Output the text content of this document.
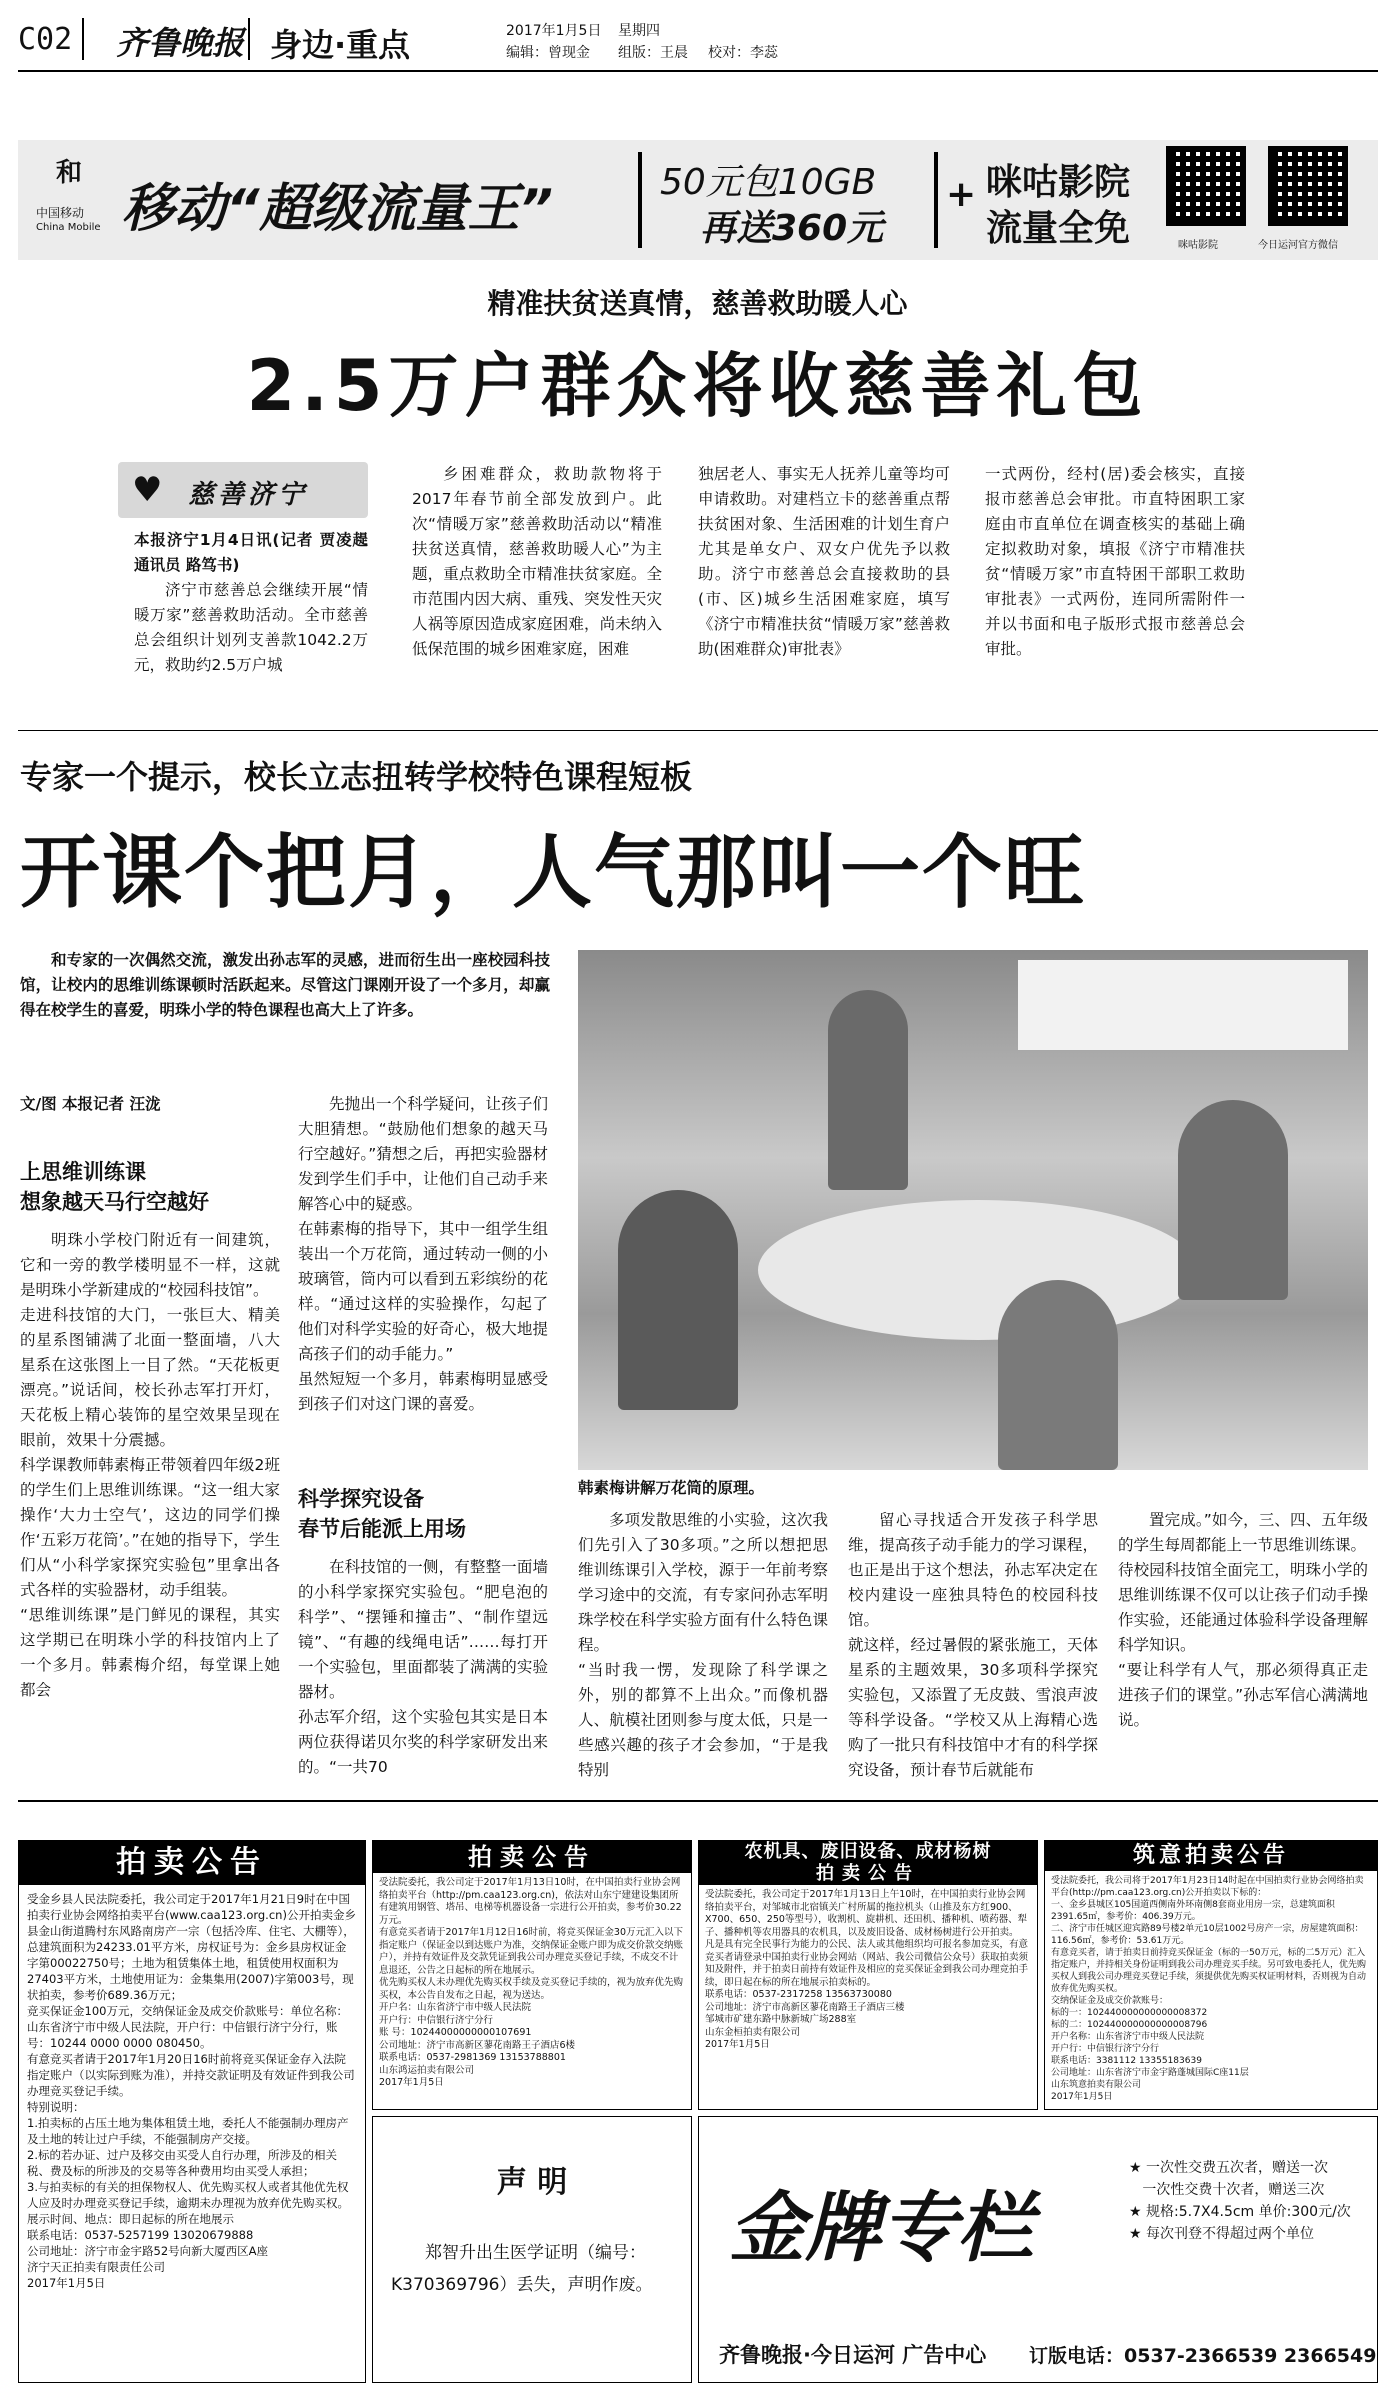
C02 齐鲁晚报 身边·重点	2017年1月5日 星期四
编辑：曾现金 组版：王晨 校对：李蕊
和
中国移动
China Mobile 移动“超级流量王”	50元包10GB
再送360元
+ 咪咕影院
流量全免	咪咕影院	今日运河官方微信
精准扶贫送真情，慈善救助暖人心
2.5万户群众将收慈善礼包
♥ 慈善济宁
本报济宁1月4日讯(记者 贾凌趧 通讯员 路笃书)
济宁市慈善总会继续开展“情暖万家”慈善救助活动。全市慈善总会组织计划列支善款1042.2万元，救助约2.5万户城
乡困难群众，救助款物将于2017年春节前全部发放到户。此次“情暖万家”慈善救助活动以“精准扶贫送真情，慈善救助暖人心”为主题，重点救助全市精准扶贫家庭。全市范围内因大病、重残、突发性天灾人祸等原因造成家庭困难，尚未纳入低保范围的城乡困难家庭，困难
独居老人、事实无人抚养儿童等均可申请救助。对建档立卡的慈善重点帮扶贫困对象、生活困难的计划生育户尤其是单女户、双女户优先予以救助。济宁市慈善总会直接救助的县(市、区)城乡生活困难家庭，填写《济宁市精准扶贫“情暖万家”慈善救助(困难群众)审批表》
一式两份，经村(居)委会核实，直接报市慈善总会审批。市直特困职工家庭由市直单位在调查核实的基础上确定拟救助对象，填报《济宁市精准扶贫“情暖万家”市直特困干部职工救助审批表》一式两份，连同所需附件一并以书面和电子版形式报市慈善总会审批。
专家一个提示，校长立志扭转学校特色课程短板
开课个把月，人气那叫一个旺
和专家的一次偶然交流，激发出孙志军的灵感，进而衍生出一座校园科技馆，让校内的思维训练课顿时活跃起来。尽管这门课刚开设了一个多月，却赢得在校学生的喜爱，明珠小学的特色课程也高大上了许多。
文/图 本报记者 汪泷
上思维训练课
想象越天马行空越好
明珠小学校门附近有一间建筑，它和一旁的教学楼明显不一样，这就是明珠小学新建成的“校园科技馆”。
走进科技馆的大门，一张巨大、精美的星系图铺满了北面一整面墙，八大星系在这张图上一目了然。“天花板更漂亮。”说话间，校长孙志军打开灯，天花板上精心装饰的星空效果呈现在眼前，效果十分震撼。
科学课教师韩素梅正带领着四年级2班的学生们上思维训练课。“这一组大家操作‘大力士空气’，这边的同学们操作‘五彩万花筒’。”在她的指导下，学生们从“小科学家探究实验包”里拿出各式各样的实验器材，动手组装。
“思维训练课”是门鲜见的课程，其实这学期已在明珠小学的科技馆内上了一个多月。韩素梅介绍，每堂课上她都会
先抛出一个科学疑问，让孩子们大胆猜想。“鼓励他们想象的越天马行空越好。”猜想之后，再把实验器材发到学生们手中，让他们自己动手来解答心中的疑惑。
在韩素梅的指导下，其中一组学生组装出一个万花筒，通过转动一侧的小玻璃管，筒内可以看到五彩缤纷的花样。“通过这样的实验操作，勾起了他们对科学实验的好奇心，极大地提高孩子们的动手能力。”
虽然短短一个多月，韩素梅明显感受到孩子们对这门课的喜爱。
科学探究设备
春节后能派上用场
在科技馆的一侧，有整整一面墙的小科学家探究实验包。“肥皂泡的科学”、“摆锤和撞击”、“制作望远镜”、“有趣的线绳电话”……每打开一个实验包，里面都装了满满的实验器材。
孙志军介绍，这个实验包其实是日本两位获得诺贝尔奖的科学家研发出来的。“一共70
韩素梅讲解万花筒的原理。
多项发散思维的小实验，这次我们先引入了30多项。”之所以想把思维训练课引入学校，源于一年前考察学习途中的交流，有专家问孙志军明珠学校在科学实验方面有什么特色课程。
“当时我一愣，发现除了科学课之外，别的都算不上出众。”而像机器人、航模社团则参与度太低，只是一些感兴趣的孩子才会参加，“于是我特别
留心寻找适合开发孩子科学思维，提高孩子动手能力的学习课程，也正是出于这个想法，孙志军决定在校内建设一座独具特色的校园科技馆。
就这样，经过暑假的紧张施工，天体星系的主题效果，30多项科学探究实验包，又添置了无皮鼓、雪浪声波等科学设备。“学校又从上海精心选购了一批只有科技馆中才有的科学探究设备，预计春节后就能布
置完成。”如今，三、四、五年级的学生每周都能上一节思维训练课。
待校园科技馆全面完工，明珠小学的思维训练课不仅可以让孩子们动手操作实验，还能通过体验科学设备理解科学知识。
“要让科学有人气，那必须得真正走进孩子们的课堂。”孙志军信心满满地说。
拍卖公告
受金乡县人民法院委托，我公司定于2017年1月21日9时在中国拍卖行业协会网络拍卖平台(www.caa123.org.cn)公开拍卖金乡县金山街道腾村东风路南房产一宗（包括冷库、住宅、大棚等），总建筑面积为24233.01平方米，房权证号为：金乡县房权证金字第00022750号；土地为租赁集体土地，租赁使用权面积为27403平方米，土地使用证为：金集集用(2007)字第003号，现状拍卖，参考价689.36万元；
竞买保证金100万元，交纳保证金及成交价款账号：单位名称：山东省济宁市中级人民法院，开户行：中信银行济宁分行，账号：10244 0000 0000 080450。
有意竞买者请于2017年1月20日16时前将竞买保证金存入法院指定账户（以实际到账为准），并持交款证明及有效证件到我公司办理竞买登记手续。
特别说明：
1.拍卖标的占压土地为集体租赁土地，委托人不能强制办理房产及土地的转让过户手续，不能强制房产交接。
2.标的若办证、过户及移交由买受人自行办理，所涉及的相关税、费及标的所涉及的交易等各种费用均由买受人承担；
3.与拍卖标的有关的担保物权人、优先购买权人或者其他优先权人应及时办理竞买登记手续，逾期未办理视为放弃优先购买权。
展示时间、地点：即日起标的所在地展示
联系电话：0537-5257199 13020679888
公司地址：济宁市金宇路52号向新大厦西区A座
济宁天正拍卖有限责任公司
2017年1月5日
拍卖公告
受法院委托，我公司定于2017年1月13日10时，在中国拍卖行业协会网络拍卖平台（http://pm.caa123.org.cn)，依法对山东宁建建设集团所有建筑用钢管、塔吊、电梯等机器设备一宗进行公开拍卖，参考价30.22万元。
有意竞买者请于2017年1月12日16时前，将竞买保证金30万元汇入以下指定账户（保证金以到达账户为准，交纳保证金账户即为成交价款交纳账户），并持有效证件及交款凭证到我公司办理竞买登记手续，不成交不计息退还，公告之日起标的所在地展示。
优先购买权人未办理优先购买权手续及竞买登记手续的，视为放弃优先购买权，本公告自发布之日起，视为送达。
开户名：山东省济宁市中级人民法院
开户行：中信银行济宁分行
账 号：10244000000000107691
公司地址：济宁市高新区蓼花南路王子酒店6楼
联系电话：0537-2981369 13153788801
山东鸿运拍卖有限公司
2017年1月5日
农机具、废旧设备、成材杨树
拍卖公告
受法院委托，我公司定于2017年1月13日上午10时，在中国拍卖行业协会网络拍卖平台，对邹城市北宿镇关广村所属的拖拉机头（山推及东方红900、X700、650、250等型号），收割机、旋耕机、还田机、播种机、喷药器、犁子、播种机等农用器具的农机具，以及废旧设备、成材杨树进行公开拍卖。
凡是具有完全民事行为能力的公民、法人或其他组织均可报名参加竞买，有意竞买者请登录中国拍卖行业协会网站（网站、我公司微信公众号）获取拍卖须知及附件，并于拍卖日前持有效证件及相应的竞买保证金到我公司办理竞拍手续，即日起在标的所在地展示拍卖标的。
联系电话：0537-2317258 13563730080
公司地址：济宁市高新区蓼花南路王子酒店三楼
邹城市矿建东路中脉新城广场288室
山东金桓拍卖有限公司
2017年1月5日
筑意拍卖公告
受法院委托，我公司将于2017年1月23日14时起在中国拍卖行业协会网络拍卖平台(http://pm.caa123.org.cn)公开拍卖以下标的：
一、金乡县城区105国道西侧南外环南侧8套商业用房一宗，总建筑面积2391.65㎡，参考价：406.39万元。
二、济宁市任城区迎宾路89号楼2单元10层1002号房产一宗，房屋建筑面积：116.56㎡，参考价：53.61万元。
有意竞买者，请于拍卖日前持竞买保证金（标的一50万元，标的二5万元）汇入指定账户，并持相关身份证明到我公司办理竞买手续。另可致电委托人，优先购买权人到我公司办理竞买登记手续，须提供优先购买权证明材料，否则视为自动放弃优先购买权。
交纳保证金及成交价款账号：
标的一：102440000000000008372
标的二：102440000000000008796
开户名称：山东省济宁市中级人民法院
开户行：中信银行济宁分行
联系电话：3381112 13355183639
公司地址：山东省济宁市金宇路蓬城国际C座11层
山东筑意拍卖有限公司
2017年1月5日
声 明
郑智升出生医学证明（编号：K370369796）丢失，声明作废。
金牌专栏
★ 一次性交费五次者，赠送一次
一次性交费十次者，赠送三次
★ 规格:5.7X4.5cm 单价:300元/次
★ 每次刊登不得超过两个单位
齐鲁晚报·今日运河 广告中心 订版电话：0537-2366539 2366549
